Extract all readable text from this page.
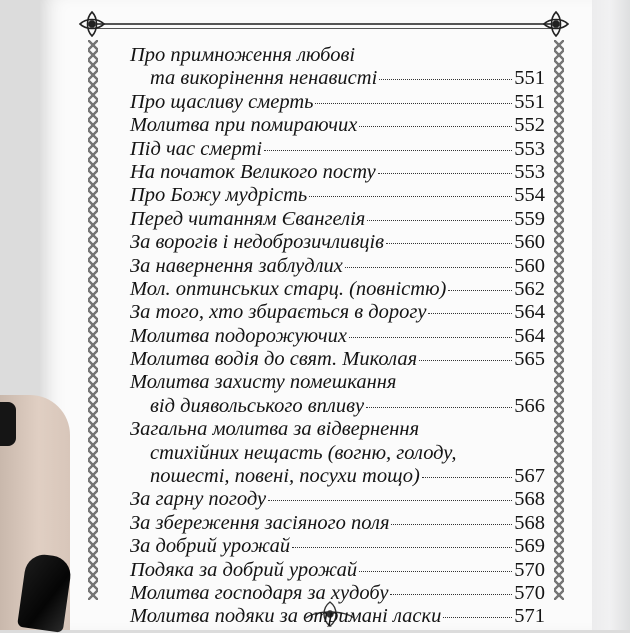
Про примноження любові
та викорінення ненависті	551
Про щасливу смерть	551
Молитва при помираючих	552
Під час смерті	553
На початок Великого посту	553
Про Божу мудрість	554
Перед читанням Євангелія	559
За ворогів і недоброзичливців	560
За навернення заблудлих	560
Мол. оптинських старц. (повністю)	562
За того, хто збирається в дорогу	564
Молитва подорожуючих	564
Молитва водія до свят. Миколая	565
Молитва захисту помешкання
від диявольського впливу	566
Загальна молитва за відвернення
стихійних нещасть (вогню, голоду,
пошесті, повені, посухи тощо)	567
За гарну погоду	568
За збереження засіяного поля	568
За добрий урожай	569
Подяка за добрий урожай	570
Молитва господаря за худобу	570
Молитва подяки за отримані ласки	571
